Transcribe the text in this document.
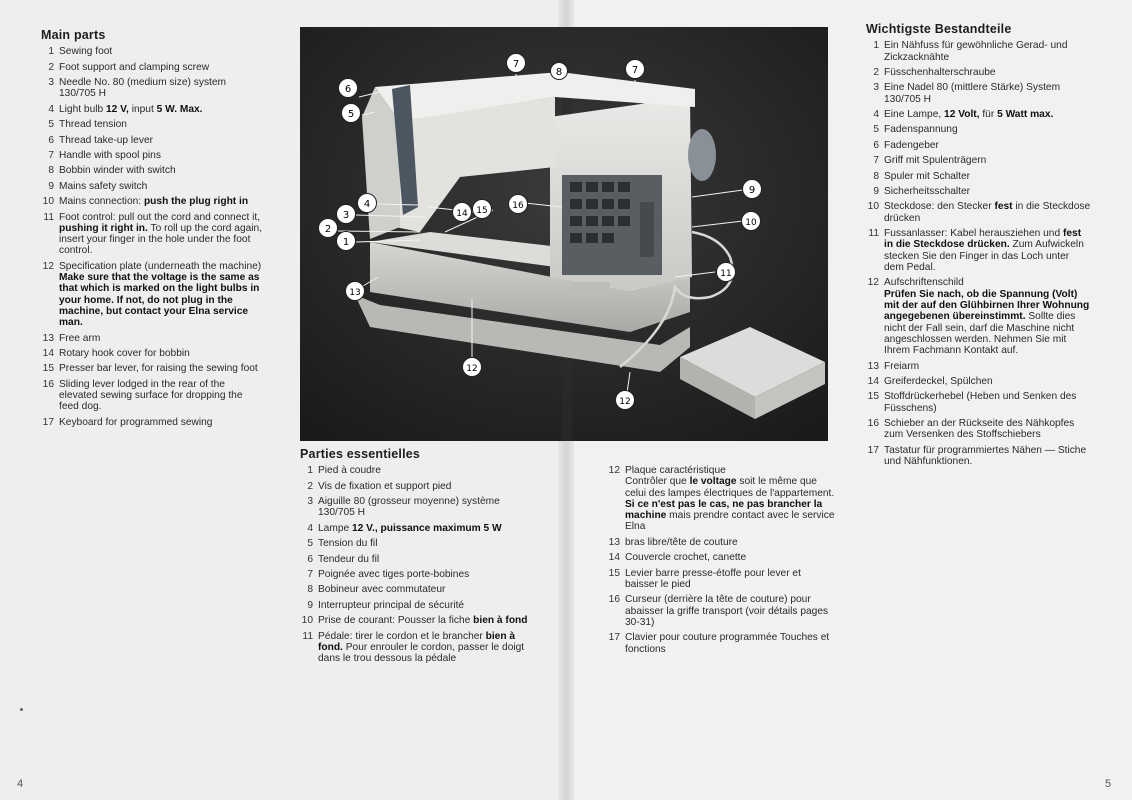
Main parts
1 Sewing foot
2 Foot support and clamping screw
3 Needle No. 80 (medium size) system 130/705 H
4 Light bulb 12 V, input 5 W. Max.
5 Thread tension
6 Thread take-up lever
7 Handle with spool pins
8 Bobbin winder with switch
9 Mains safety switch
10 Mains connection: push the plug right in
11 Foot control: pull out the cord and connect it, pushing it right in. To roll up the cord again, insert your finger in the hole under the foot control.
12 Specification plate (underneath the machine)
Make sure that the voltage is the same as that which is marked on the light bulbs in your home. If not, do not plug in the machine, but contact your Elna service man.
13 Free arm
14 Rotary hook cover for bobbin
15 Presser bar lever, for raising the sewing foot
16 Sliding lever lodged in the rear of the elevated sewing surface for dropping the feed dog.
17 Keyboard for programmed sewing
Parties essentielles
1 Pied à coudre
2 Vis de fixation et support pied
3 Aiguille 80 (grosseur moyenne) système 130/705 H
4 Lampe 12 V., puissance maximum 5 W
5 Tension du fil
6 Tendeur du fil
7 Poignée avec tiges porte-bobines
8 Bobineur avec commutateur
9 Interrupteur principal de sécurité
10 Prise de courant: Pousser la fiche bien à fond
11 Pédale: tirer le cordon et le brancher bien à fond. Pour enrouler le cordon, passer le doigt dans le trou dessous la pédale
12 Plaque caractéristique
Contrôler que le voltage soit le même que celui des lampes électriques de l'appartement. Si ce n'est pas le cas, ne pas brancher la machine mais prendre contact avec le service Elna
13 bras libre/tête de couture
14 Couvercle crochet, canette
15 Levier barre presse-étoffe pour lever et baisser le pied
16 Curseur (derrière la tête de couture) pour abaisser la griffe transport (voir détails pages 30-31)
17 Clavier pour couture programmée Touches et fonctions
Wichtigste Bestandteile
1 Ein Nähfuss für gewöhnliche Gerad- und Zickzacknähte
2 Füsschenhalterschraube
3 Eine Nadel 80 (mittlere Stärke) System 130/705 H
4 Eine Lampe, 12 Volt, für 5 Watt max.
5 Fadenspannung
6 Fadengeber
7 Griff mit Spulenträgern
8 Spuler mit Schalter
9 Sicherheitsschalter
10 Steckdose: den Stecker fest in die Steckdose drücken
11 Fussanlasser: Kabel herausziehen und fest in die Steckdose drücken. Zum Aufwickeln stecken Sie den Finger in das Loch unter dem Pedal.
12 Aufschriftenschild
Prüfen Sie nach, ob die Spannung (Volt) mit der auf den Glühbirnen Ihrer Wohnung angegebenen übereinstimmt. Sollte dies nicht der Fall sein, darf die Maschine nicht angeschlossen werden. Nehmen Sie mit Ihrem Fachmann Kontakt auf.
13 Freiarm
14 Greiferdeckel, Spülchen
15 Stoffdrückerhebel (Heben und Senken des Füsschens)
16 Schieber an der Rückseite des Nähkopfes zum Versenken des Stoffschiebers
17 Tastatur für programmiertes Nähen — Stiche und Nähfunktionen.
7
8	7
6
5
4
3
2
1
14 15	16
9
10
11
13
12
12
4	5
